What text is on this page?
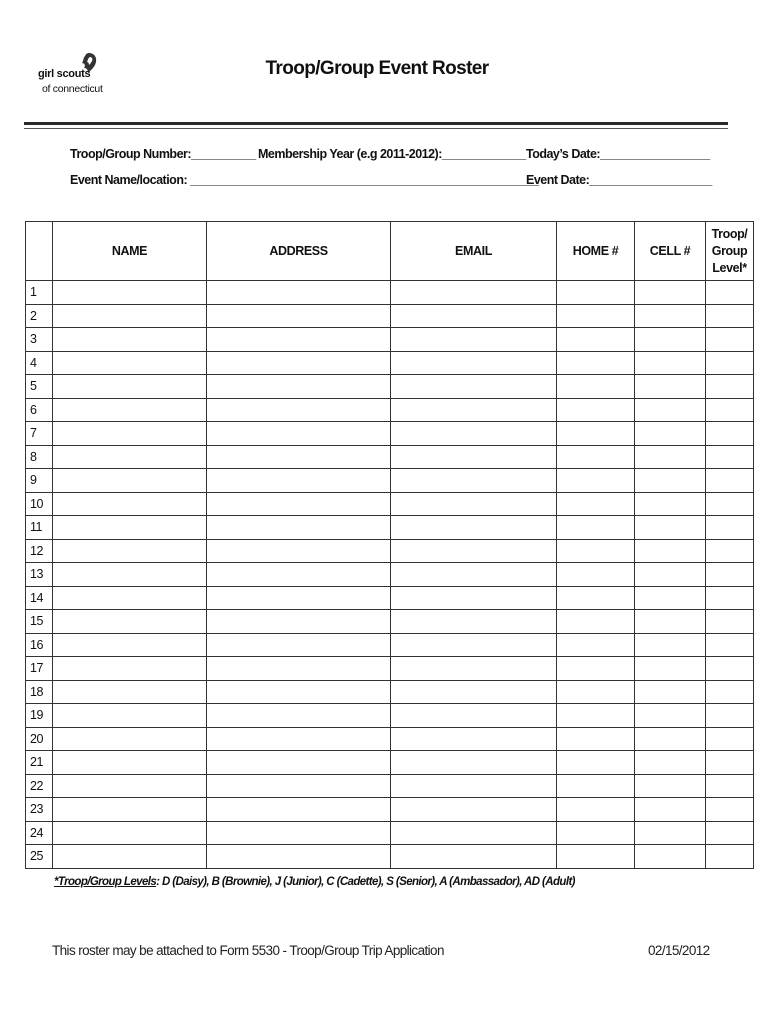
girl scouts
of connecticut
Troop/Group Event Roster
Troop/Group Number:__________ Membership Year (e.g 2011-2012):_____________ Today’s Date:_________________
Event Name/location: ______________________________________________________
Event Date:___________________
	NAME	ADDRESS	EMAIL	HOME #	CELL #	Troop/
Group
Level*

1						
2						
3						
4						
5						
6						
7						
8						
9						
10						
11						
12						
13						
14						
15						
16						
17						
18						
19						
20						
21						
22						
23						
24						
25						
*Troop/Group Levels: D (Daisy), B (Brownie), J (Junior), C (Cadette), S (Senior), A (Ambassador), AD (Adult)
This roster may be attached to Form 5530 - Troop/Group Trip Application	02/15/2012
